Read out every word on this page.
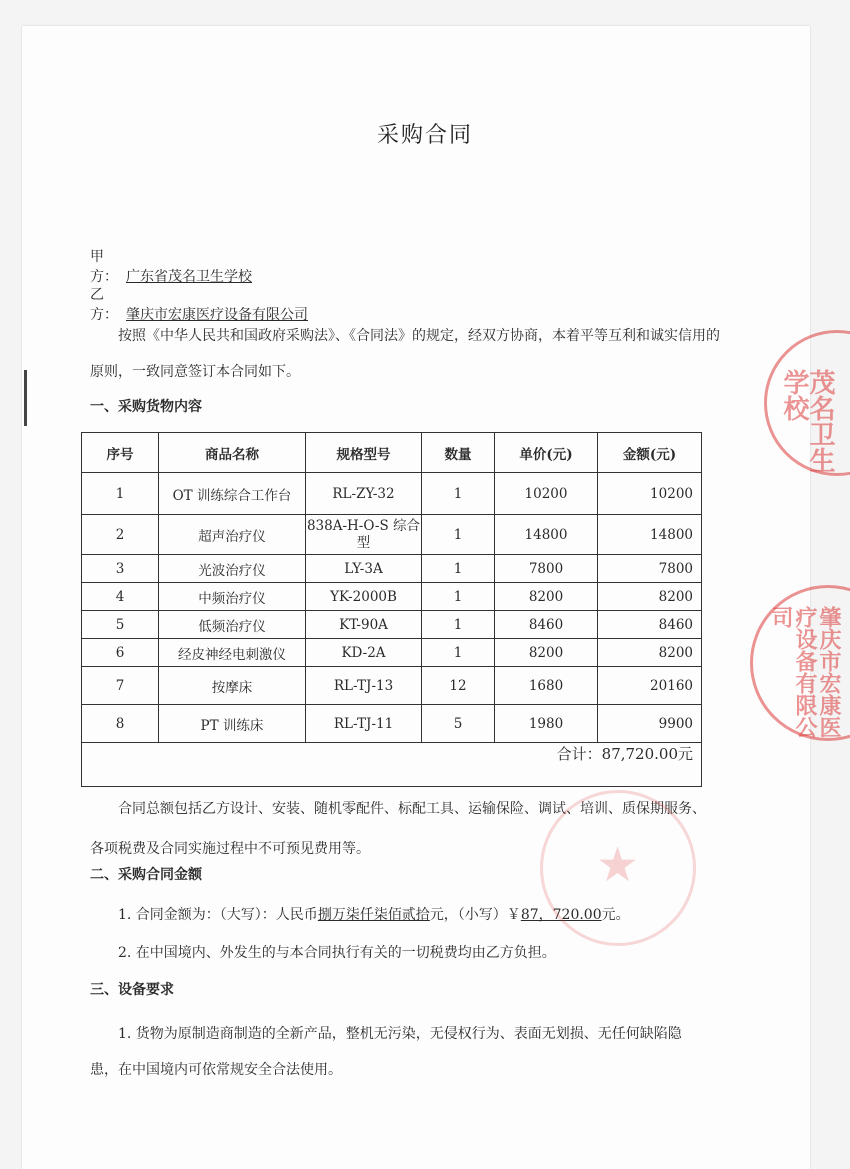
采购合同
甲　方： 广东省茂名卫生学校
乙　方： 肇庆市宏康医疗设备有限公司
按照《中华人民共和国政府采购法》、《合同法》的规定，经双方协商，本着平等互利和诚实信用的原则，一致同意签订本合同如下。
一、采购货物内容
序号	商品名称	规格型号	数量	单价(元)	金额(元)
1	OT 训练综合工作台	RL-ZY-32	1	10200	10200
2	超声治疗仪	838A-H-O-S 综合型	1	14800	14800
3	光波治疗仪	LY-3A	1	7800	7800
4	中频治疗仪	YK-2000B	1	8200	8200
5	低频治疗仪	KT-90A	1	8460	8460
6	经皮神经电刺激仪	KD-2A	1	8200	8200
7	按摩床	RL-TJ-13	12	1680	20160
8	PT 训练床	RL-TJ-11	5	1980	9900
合计：87,720.00元					
合同总额包括乙方设计、安装、随机零配件、标配工具、运输保险、调试、培训、质保期服务、各项税费及合同实施过程中不可预见费用等。
二、采购合同金额
1. 合同金额为：（大写）：人民币捌万柒仟柒佰贰拾元，（小写）￥87，720.00元。
2. 在中国境内、外发生的与本合同执行有关的一切税费均由乙方负担。
三、设备要求
1. 货物为原制造商制造的全新产品，整机无污染，无侵权行为、表面无划损、无任何缺陷隐患，在中国境内可依常规安全合法使用。
茂名卫生学校
肇庆市宏康医疗设备有限公司
★
